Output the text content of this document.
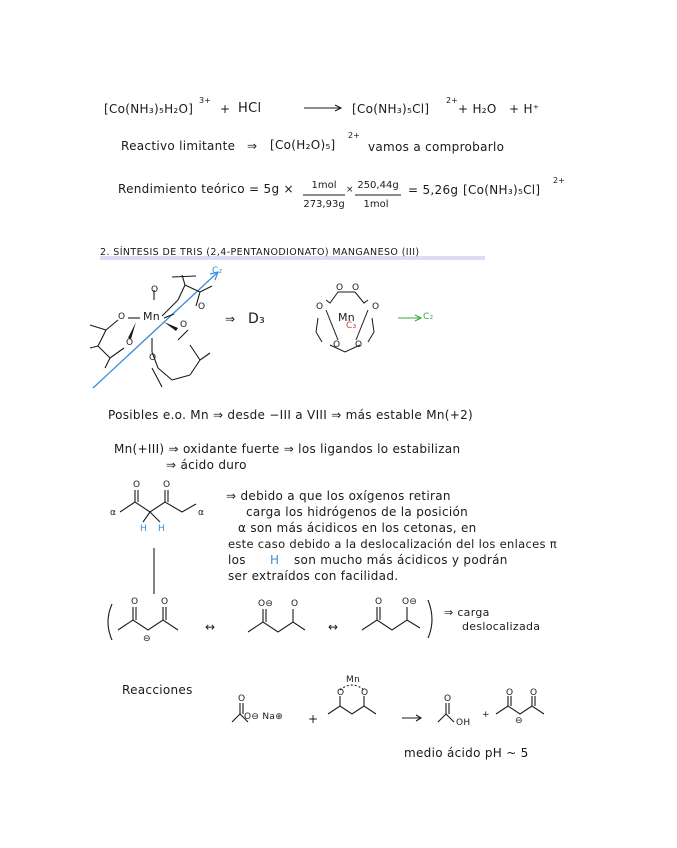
[Co(NH₃)₅H₂O]
3+
+ HCl	[Co(NH₃)₅Cl]
2+
+ H₂O + H⁺
Reactivo limitante ⇒ [Co(H₂O)₅]
2+
vamos a comprobarlo
Rendimiento teórico = 5g ×	1mol
273,93g
× 250,44g
1mol
= 5,26g [Co(NH₃)₅Cl]
2+
2. SÍNTESIS DE TRIS (2,4-PENTANODIONATO) MANGANESO (III)
Mn
O
O
O
O
O
O
C₂
⇒ D₃	Mn
C₃
C₂
O O
O	O
O O
Posibles e.o. Mn ⇒ desde −III a VIII ⇒ más estable Mn(+2)
Mn(+III) ⇒ oxidante fuerte ⇒ los ligandos lo estabilizan
⇒ ácido duro
O	O
α	α
H H
⇒ debido a que los oxígenos retiran
carga los hidrógenos de la posición
α son más ácidicos en los cetonas, en
este caso debido a la deslocalización del los enlaces π
los H son mucho más ácidicos y podrán
ser extraídos con facilidad.
O	O
⊖
↔
O⊖ O
↔
O O⊖
⇒ carga
deslocalizada
Reacciones
O
O⊖ Na⊕ +
Mn
O O
O
OH
+
O O
⊖
medio ácido pH ~ 5
